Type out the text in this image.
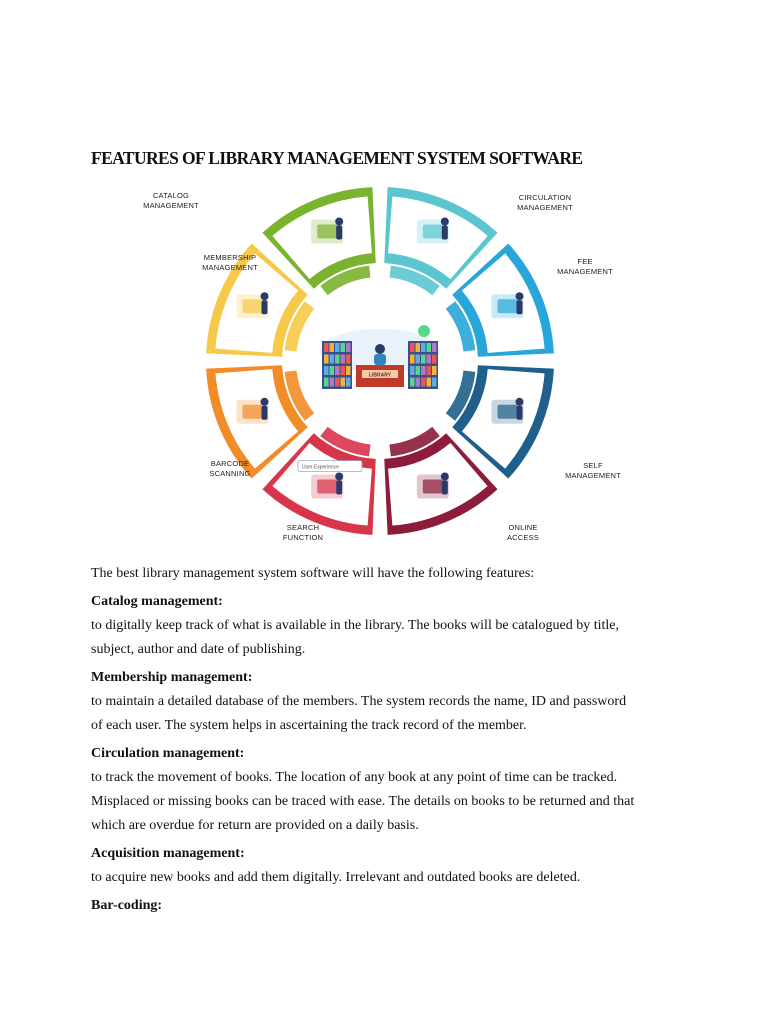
FEATURES OF LIBRARY MANAGEMENT SYSTEM SOFTWARE
CATALOG
MANAGEMENT
CIRCULATION
MANAGEMENT
FEE
MANAGEMENT
SELF
MANAGEMENT
ONLINE
ACCESS
SEARCH
FUNCTION
BARCODE
SCANNING
MEMBERSHIP
MANAGEMENT
LIBRARY
User Experience

The best library management system software will have the following features:

Catalog management:

to digitally keep track of what is available in the library. The books will be catalogued by title,

subject, author and date of publishing.

Membership management:

to maintain a detailed database of the members. The system records the name, ID and password

of each user. The system helps in ascertaining the track record of the member.

Circulation management:

to track the movement of books. The location of any book at any point of time can be tracked.

Misplaced or missing books can be traced with ease. The details on books to be returned and that

which are overdue for return are provided on a daily basis.

Acquisition management:

to acquire new books and add them digitally. Irrelevant and outdated books are deleted.

Bar-coding:
